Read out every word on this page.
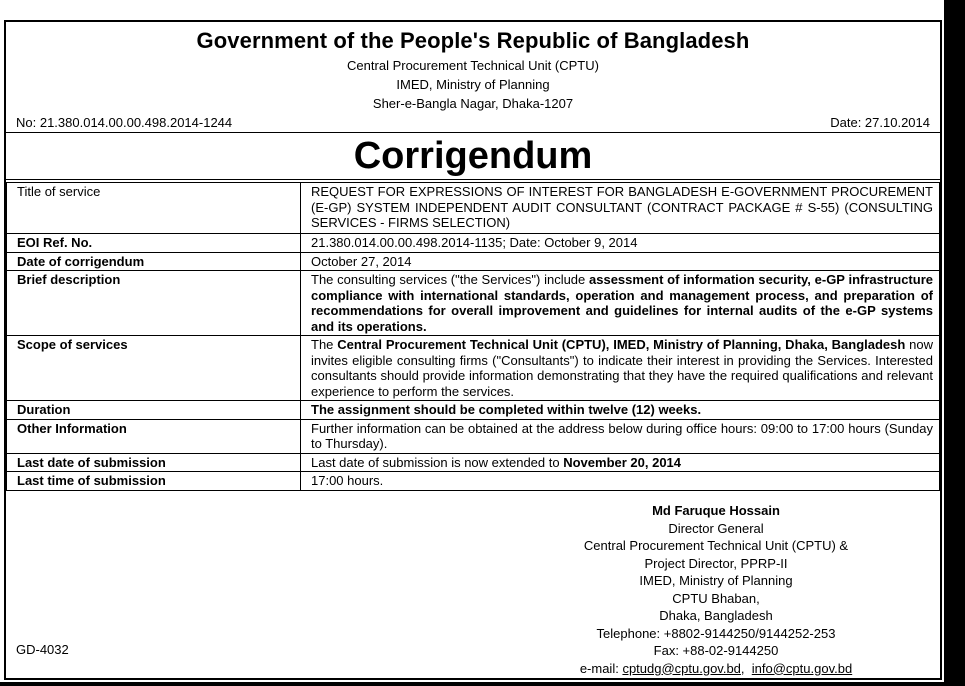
Government of the People's Republic of Bangladesh
Central Procurement Technical Unit (CPTU)
IMED, Ministry of Planning
Sher-e-Bangla Nagar, Dhaka-1207
No: 21.380.014.00.00.498.2014-1244	Date: 27.10.2014
Corrigendum
Title of service	REQUEST FOR EXPRESSIONS OF INTEREST FOR BANGLADESH E-GOVERNMENT PROCUREMENT (E-GP) SYSTEM INDEPENDENT AUDIT CONSULTANT (CONTRACT PACKAGE # S-55) (CONSULTING SERVICES - FIRMS SELECTION)
EOI Ref. No.	21.380.014.00.00.498.2014-1135; Date: October 9, 2014
Date of corrigendum	October 27, 2014
Brief description	The consulting services ("the Services") include assessment of information security, e-GP infrastructure compliance with international standards, operation and management process, and preparation of recommendations for overall improvement and guidelines for internal audits of the e-GP systems and its operations.
Scope of services	The Central Procurement Technical Unit (CPTU), IMED, Ministry of Planning, Dhaka, Bangladesh now invites eligible consulting firms ("Consultants") to indicate their interest in providing the Services. Interested consultants should provide information demonstrating that they have the required qualifications and relevant experience to perform the services.
Duration	The assignment should be completed within twelve (12) weeks.
Other Information	Further information can be obtained at the address below during office hours: 09:00 to 17:00 hours (Sunday to Thursday).
Last date of submission	Last date of submission is now extended to November 20, 2014
Last time of submission	17:00 hours.
Md Faruque Hossain
Director General
Central Procurement Technical Unit (CPTU) &
Project Director, PPRP-II
IMED, Ministry of Planning
CPTU Bhaban,
Dhaka, Bangladesh
Telephone: +8802-9144250/9144252-253
Fax: +88-02-9144250
e-mail: cptudg@cptu.gov.bd,  info@cptu.gov.bd
GD-4032
